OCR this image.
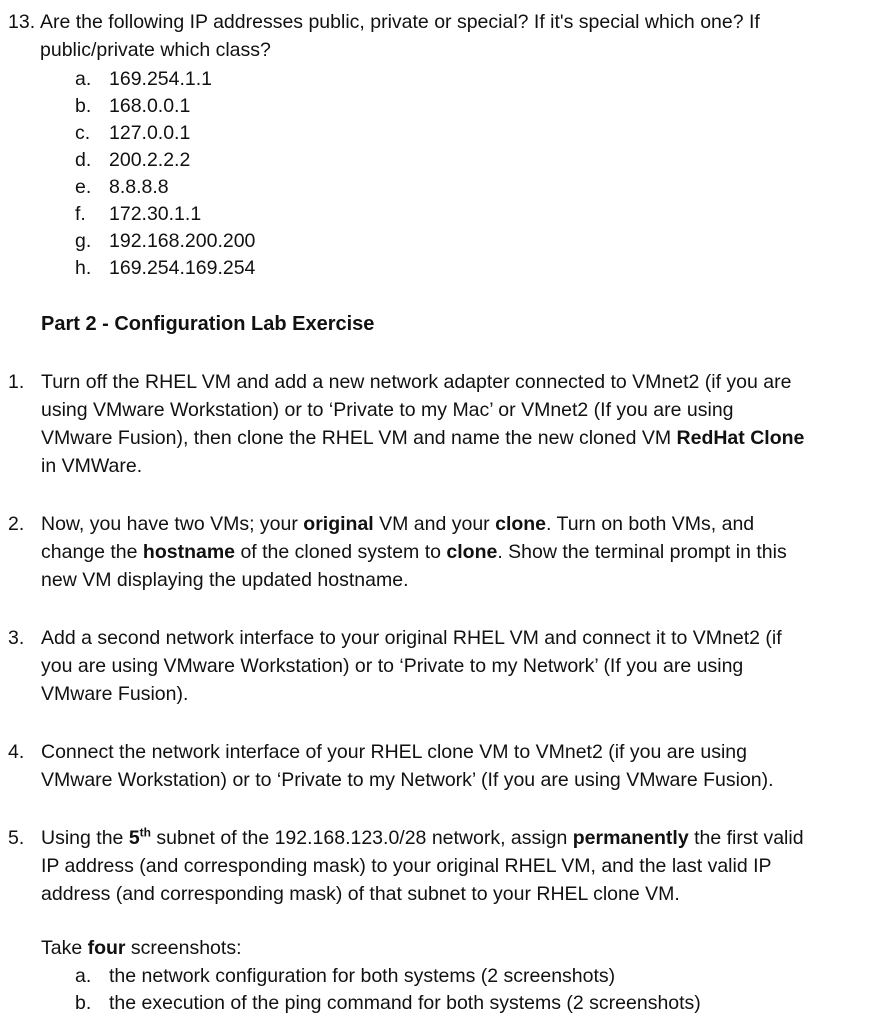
13. Are the following IP addresses public, private or special? If it's special which one? If
public/private which class?
a. 169.254.1.1
b. 168.0.0.1
c. 127.0.0.1
d. 200.2.2.2
e. 8.8.8.8
f. 172.30.1.1
g. 192.168.200.200
h. 169.254.169.254
Part 2 - Configuration Lab Exercise
1. Turn off the RHEL VM and add a new network adapter connected to VMnet2 (if you are
using VMware Workstation) or to ‘Private to my Mac’ or VMnet2 (If you are using
VMware Fusion), then clone the RHEL VM and name the new cloned VM RedHat Clone
in VMWare.
2. Now, you have two VMs; your original VM and your clone. Turn on both VMs, and
change the hostname of the cloned system to clone. Show the terminal prompt in this
new VM displaying the updated hostname.
3. Add a second network interface to your original RHEL VM and connect it to VMnet2 (if
you are using VMware Workstation) or to ‘Private to my Network’ (If you are using
VMware Fusion).
4. Connect the network interface of your RHEL clone VM to VMnet2 (if you are using
VMware Workstation) or to ‘Private to my Network’ (If you are using VMware Fusion).
5. Using the 5th subnet of the 192.168.123.0/28 network, assign permanently the first valid
IP address (and corresponding mask) to your original RHEL VM, and the last valid IP
address (and corresponding mask) of that subnet to your RHEL clone VM.
Take four screenshots:
a. the network configuration for both systems (2 screenshots)
b. the execution of the ping command for both systems (2 screenshots)
